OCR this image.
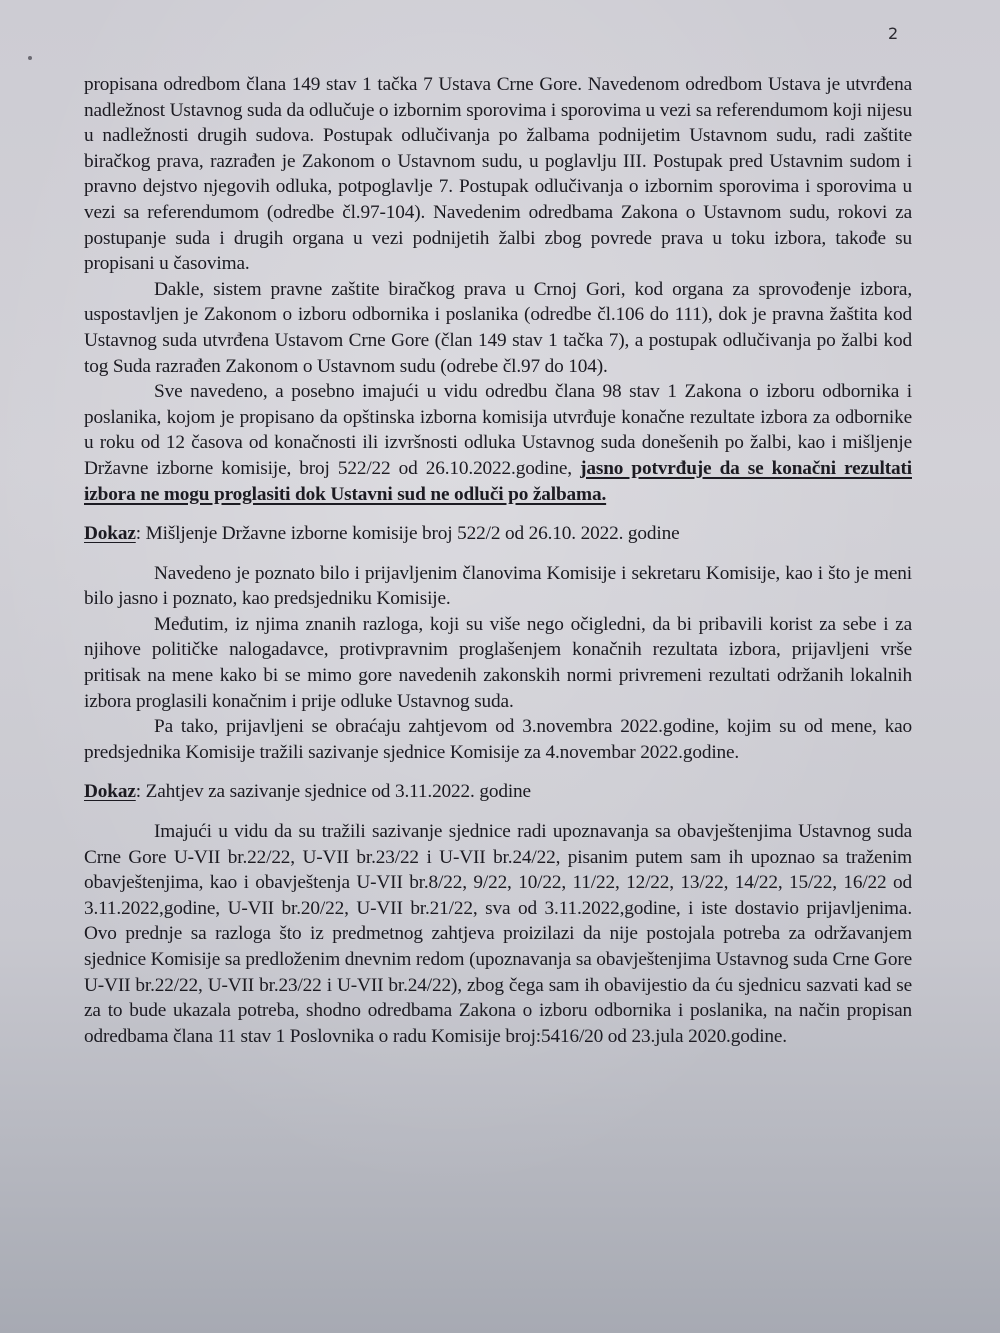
2

propisana odredbom člana 149 stav 1 tačka 7 Ustava Crne Gore. Navedenom odredbom Ustava je utvrđena nadležnost Ustavnog suda da odlučuje o izbornim sporovima i sporovima u vezi sa referendumom koji nijesu u nadležnosti drugih sudova. Postupak odlučivanja po žalbama podnijetim Ustavnom sudu, radi zaštite biračkog prava, razrađen je Zakonom o Ustavnom sudu, u poglavlju III. Postupak pred Ustavnim sudom i pravno dejstvo njegovih odluka, potpoglavlje 7. Postupak odlučivanja o izbornim sporovima i sporovima u vezi sa referendumom (odredbe čl.97-104). Navedenim odredbama Zakona o Ustavnom sudu, rokovi za postupanje suda i drugih organa u vezi podnijetih žalbi zbog povrede prava u toku izbora, takođe su propisani u časovima.

Dakle, sistem pravne zaštite biračkog prava u Crnoj Gori, kod organa za sprovođenje izbora, uspostavljen je Zakonom o izboru odbornika i poslanika (odredbe čl.106 do 111), dok je pravna žaštita kod Ustavnog suda utvrđena Ustavom Crne Gore (član 149 stav 1 tačka 7), a postupak odlučivanja po žalbi kod tog Suda razrađen Zakonom o Ustavnom sudu (odrebe čl.97 do 104).

Sve navedeno, a posebno imajući u vidu odredbu člana 98 stav 1 Zakona o izboru odbornika i poslanika, kojom je propisano da opštinska izborna komisija utvrđuje konačne rezultate izbora za odbornike u roku od 12 časova od konačnosti ili izvršnosti odluka Ustavnog suda donešenih po žalbi, kao i mišljenje Državne izborne komisije, broj 522/22 od 26.10.2022.godine, jasno potvrđuje da se konačni rezultati izbora ne mogu proglasiti dok Ustavni sud ne odluči po žalbama.

Dokaz: Mišljenje Državne izborne komisije broj 522/2 od 26.10. 2022. godine

Navedeno je poznato bilo i prijavljenim članovima Komisije i sekretaru Komisije, kao i što je meni bilo jasno i poznato, kao predsjedniku Komisije.

Međutim, iz njima znanih razloga, koji su više nego očigledni, da bi pribavili korist za sebe i za njihove političke nalogadavce, protivpravnim proglašenjem konačnih rezultata izbora, prijavljeni vrše pritisak na mene kako bi se mimo gore navedenih zakonskih normi privremeni rezultati održanih lokalnih izbora proglasili konačnim i prije odluke Ustavnog suda.

Pa tako, prijavljeni se obraćaju zahtjevom od 3.novembra 2022.godine, kojim su od mene, kao predsjednika Komisije tražili sazivanje sjednice Komisije za 4.novembar 2022.godine.

Dokaz: Zahtjev za sazivanje sjednice od 3.11.2022. godine

Imajući u vidu da su tražili sazivanje sjednice radi upoznavanja sa obavještenjima Ustavnog suda Crne Gore U-VII br.22/22, U-VII br.23/22 i U-VII br.24/22, pisanim putem sam ih upoznao sa traženim obavještenjima, kao i obavještenja U-VII br.8/22, 9/22, 10/22, 11/22, 12/22, 13/22, 14/22, 15/22, 16/22 od 3.11.2022,godine, U-VII br.20/22, U-VII br.21/22, sva od 3.11.2022,godine, i iste dostavio prijavljenima. Ovo prednje sa razloga što iz predmetnog zahtjeva proizilazi da nije postojala potreba za održavanjem sjednice Komisije sa predloženim dnevnim redom (upoznavanja sa obavještenjima Ustavnog suda Crne Gore U-VII br.22/22, U-VII br.23/22 i U-VII br.24/22), zbog čega sam ih obavijestio da ću sjednicu sazvati kad se za to bude ukazala potreba, shodno odredbama Zakona o izboru odbornika i poslanika, na način propisan odredbama člana 11 stav 1 Poslovnika o radu Komisije broj:5416/20 od 23.jula 2020.godine.
